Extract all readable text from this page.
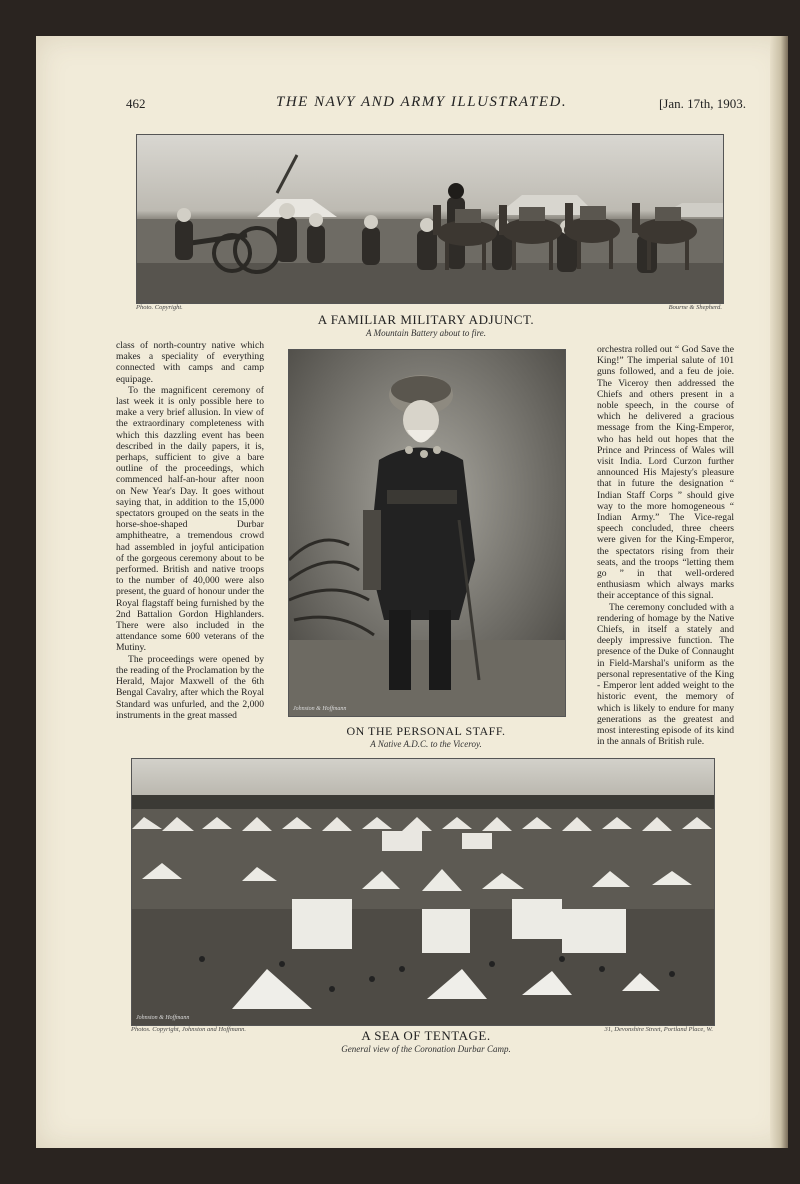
462	THE NAVY AND ARMY ILLUSTRATED.	[Jan. 17th, 1903.
Photo. Copyright.	Bourne & Shepherd.
A FAMILIAR MILITARY ADJUNCT.
A Mountain Battery about to fire.

class of north-country native which makes a speciality of everything connected with camps and camp equipage.

To the magnificent ceremony of last week it is only possible here to make a very brief allusion. In view of the extraordinary completeness with which this dazzling event has been described in the daily papers, it is, perhaps, sufficient to give a bare outline of the proceedings, which commenced half-an-hour after noon on New Year's Day. It goes without saying that, in addition to the 15,000 spectators grouped on the seats in the horse-shoe-shaped Durbar amphitheatre, a tremendous crowd had assembled in joyful anticipation of the gorgeous ceremony about to be performed. British and native troops to the number of 40,000 were also present, the guard of honour under the Royal flagstaff being furnished by the 2nd Battalion Gordon Highlanders. There were also included in the attendance some 600 veterans of the Mutiny.

The proceedings were opened by the reading of the Proclamation by the Herald, Major Maxwell of the 6th Bengal Cavalry, after which the Royal Standard was unfurled, and the 2,000 instruments in the great massed

Johnston & Hoffmann
ON THE PERSONAL STAFF.
A Native A.D.C. to the Viceroy.

orchestra rolled out “ God Save the King!” The imperial salute of 101 guns followed, and a feu de joie. The Viceroy then addressed the Chiefs and others present in a noble speech, in the course of which he delivered a gracious message from the King-Emperor, who has held out hopes that the Prince and Princess of Wales will visit India. Lord Curzon further announced His Majesty's pleasure that in future the designation “ Indian Staff Corps ” should give way to the more homogeneous “ Indian Army.” The Vice-regal speech concluded, three cheers were given for the King-Emperor, the spectators rising from their seats, and the troops “letting them go ” in that well-ordered enthusiasm which always marks their acceptance of this signal.

The ceremony concluded with a rendering of homage by the Native Chiefs, in itself a stately and deeply impressive function. The presence of the Duke of Connaught in Field-Marshal's uniform as the personal representative of the King - Emperor lent added weight to the historic event, the memory of which is likely to endure for many generations as the greatest and most interesting episode of its kind in the annals of British rule.

Johnston & Hoffmann
Photos. Copyright, Johnston and Hoffmann.	31, Devonshire Street, Portland Place, W.
A SEA OF TENTAGE.
General view of the Coronation Durbar Camp.
